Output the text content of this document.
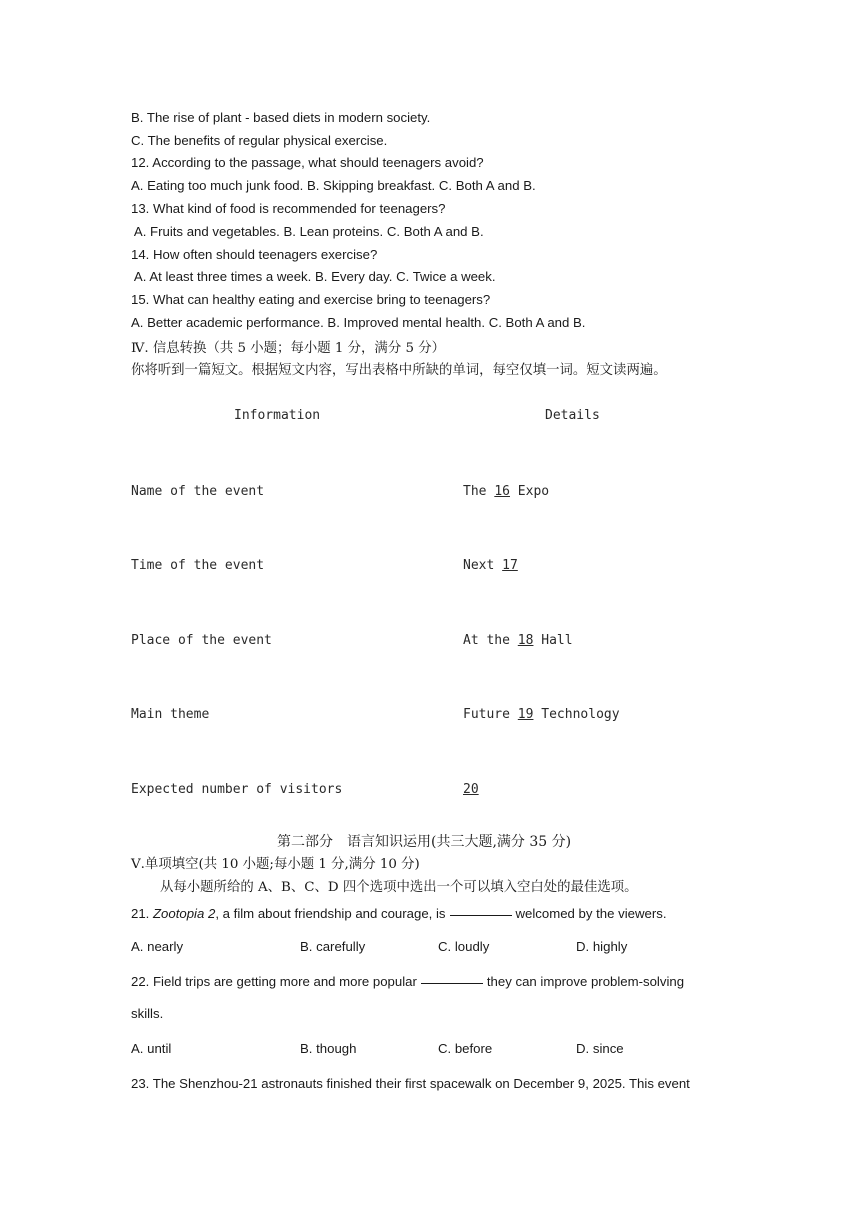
B. The rise of plant - based diets in modern society.
C. The benefits of regular physical exercise.
12. According to the passage, what should teenagers avoid?
A. Eating too much junk food. B. Skipping breakfast. C. Both A and B.
13. What kind of food is recommended for teenagers?
A. Fruits and vegetables. B. Lean proteins. C. Both A and B.
14. How often should teenagers exercise?
A. At least three times a week. B. Every day. C. Twice a week.
15. What can healthy eating and exercise bring to teenagers?
A. Better academic performance. B. Improved mental health. C. Both A and B.
Ⅳ. 信息转换（共 5 小题；每小题 1 分，满分 5 分）
你将听到一篇短文。根据短文内容，写出表格中所缺的单词，每空仅填一词。短文读两遍。
Information	Details
Name of the event	The 16 Expo
Time of the event	Next 17
Place of the event	At the 18 Hall
Main theme	Future 19 Technology
Expected number of visitors	20
第二部分　语言知识运用(共三大题,满分 35 分)
Ⅴ.单项填空(共 10 小题;每小题 1 分,满分 10 分)
从每小题所给的 A、B、C、D 四个选项中选出一个可以填入空白处的最佳选项。
21. Zootopia 2, a film about friendship and courage, is	welcomed by the viewers.
A. nearly	B. carefully	C. loudly	D. highly
22. Field trips are getting more and more popular	they can improve problem-solving
skills.
A. until	B. though	C. before	D. since
23. The Shenzhou-21 astronauts finished their first spacewalk on December 9, 2025. This event
